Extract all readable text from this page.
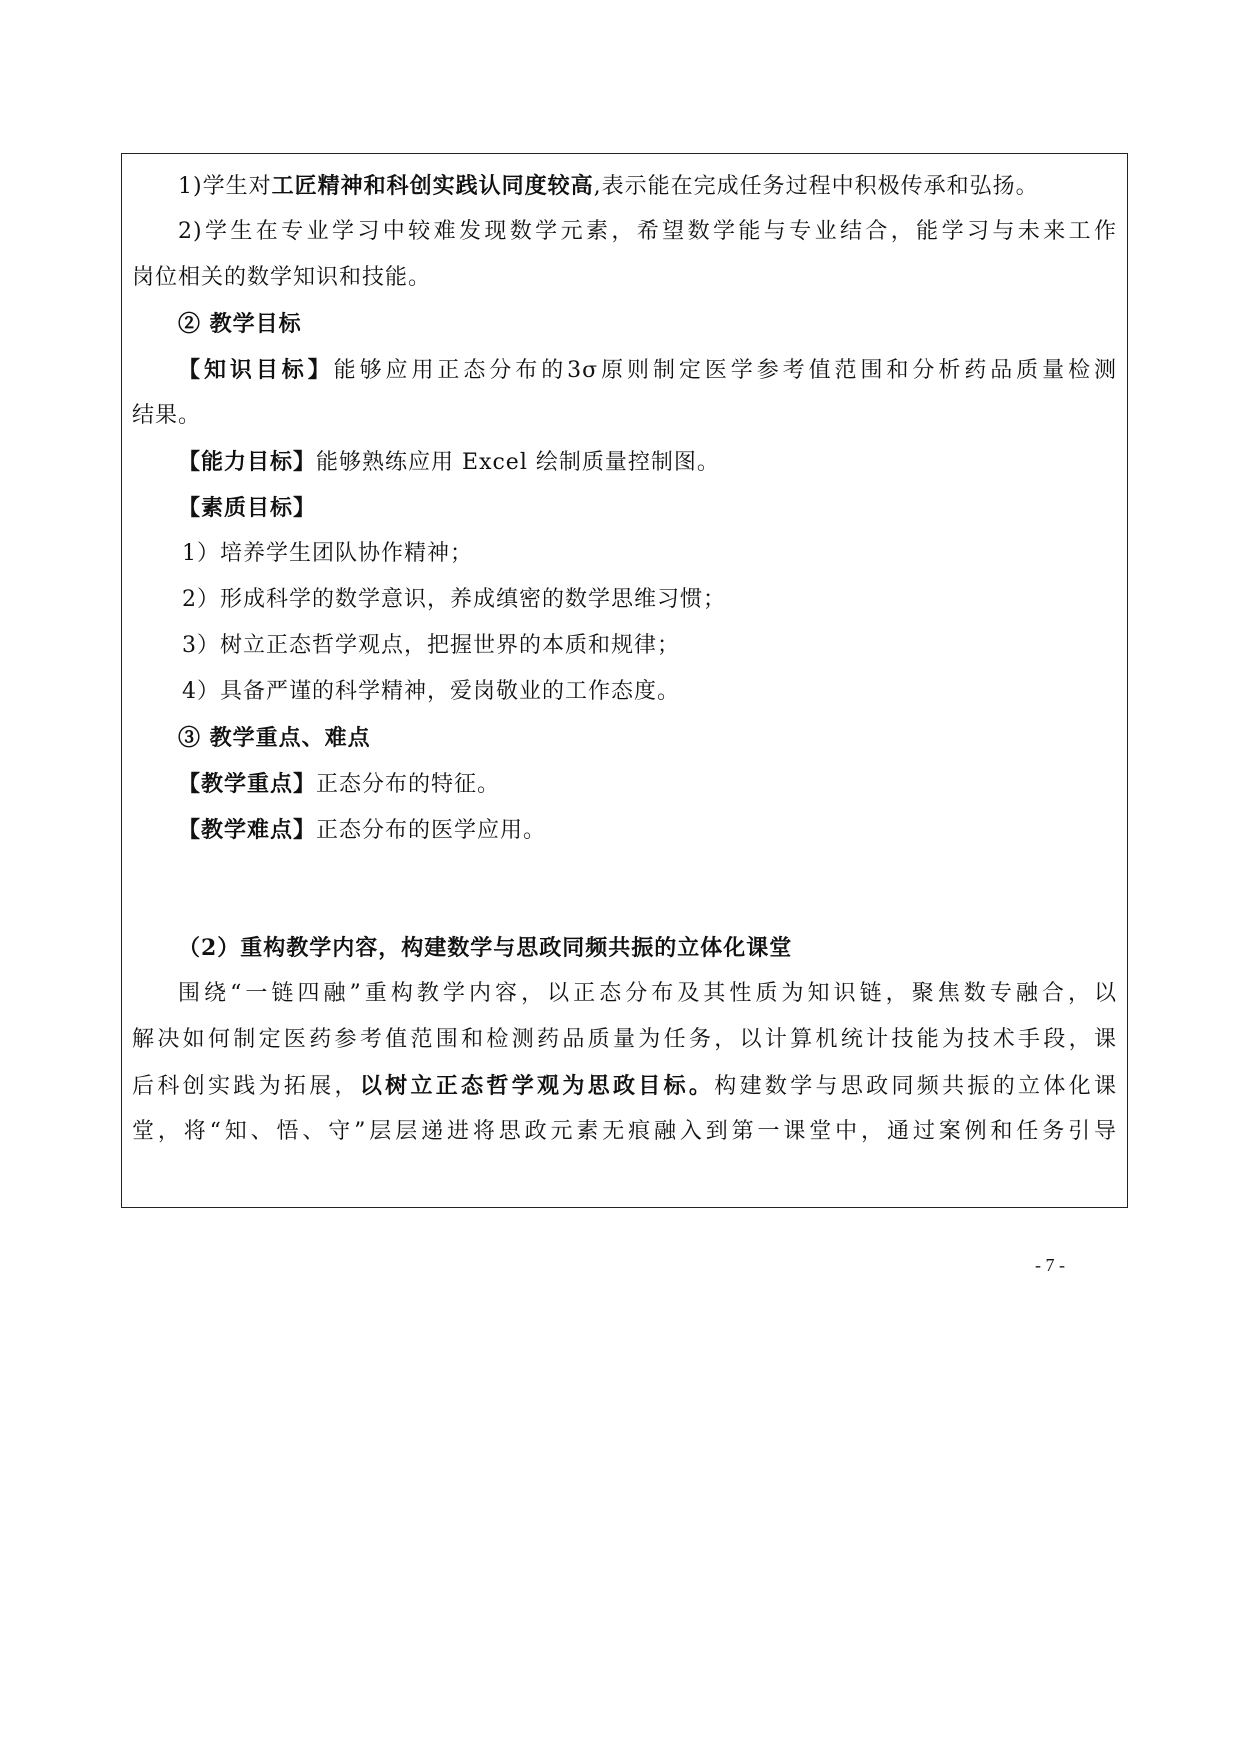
1)学生对工匠精神和科创实践认同度较高,表示能在完成任务过程中积极传承和弘扬。
2)学生在专业学习中较难发现数学元素，希望数学能与专业结合，能学习与未来工作
岗位相关的数学知识和技能。
② 教学目标
【知识目标】能够应用正态分布的3σ原则制定医学参考值范围和分析药品质量检测
结果。
【能力目标】能够熟练应用 Excel 绘制质量控制图。
【素质目标】
1）培养学生团队协作精神；
2）形成科学的数学意识，养成缜密的数学思维习惯；
3）树立正态哲学观点，把握世界的本质和规律；
4）具备严谨的科学精神，爱岗敬业的工作态度。
③ 教学重点、难点
【教学重点】正态分布的特征。
【教学难点】正态分布的医学应用。
（2）重构教学内容，构建数学与思政同频共振的立体化课堂
围绕“一链四融”重构教学内容，以正态分布及其性质为知识链，聚焦数专融合，以
解决如何制定医药参考值范围和检测药品质量为任务，以计算机统计技能为技术手段，课
后科创实践为拓展，以树立正态哲学观为思政目标。构建数学与思政同频共振的立体化课
堂，将“知、悟、守”层层递进将思政元素无痕融入到第一课堂中，通过案例和任务引导
- 7 -
